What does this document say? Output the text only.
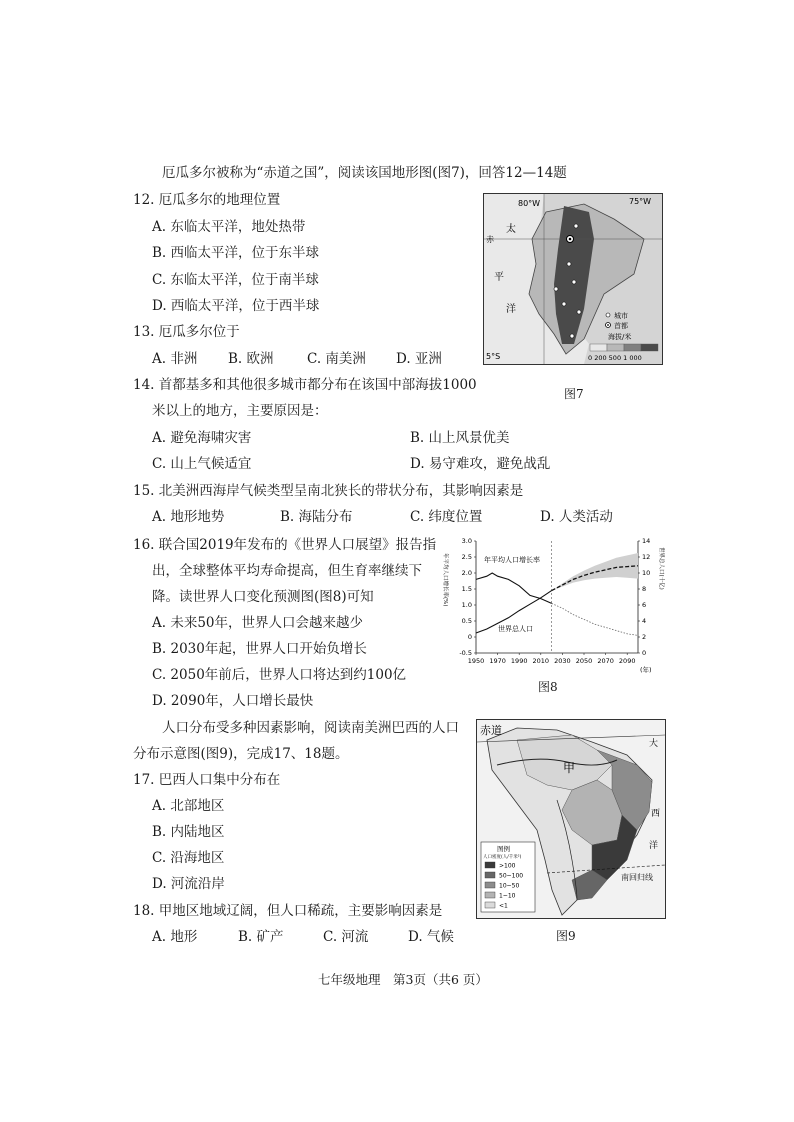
厄瓜多尔被称为“赤道之国”，阅读该国地形图(图7)，回答12—14题
12. 厄瓜多尔的地理位置
A. 东临太平洋，地处热带
B. 西临太平洋，位于东半球
C. 东临太平洋，位于南半球
D. 西临太平洋，位于西半球
13. 厄瓜多尔位于
A. 非洲 B. 欧洲 C. 南美洲 D. 亚洲
14. 首都基多和其他很多城市都分布在该国中部海拔1000
米以上的地方，主要原因是：
A. 避免海啸灾害	B. 山上风景优美
C. 山上气候适宜	D. 易守难攻，避免战乱
15. 北美洲西海岸气候类型呈南北狭长的带状分布，其影响因素是
A. 地形地势	B. 海陆分布	C. 纬度位置	D. 人类活动
16. 联合国2019年发布的《世界人口展望》报告指
出，全球整体平均寿命提高，但生育率继续下
降。读世界人口变化预测图(图8)可知
A. 未来50年，世界人口会越来越少
B. 2030年起，世界人口开始负增长
C. 2050年前后，世界人口将达到约100亿
D. 2090年，人口增长最快
人口分布受多种因素影响，阅读南美洲巴西的人口
分布示意图(图9)，完成17、18题。
17. 巴西人口集中分布在
A. 北部地区
B. 内陆地区
C. 沿海地区
D. 河流沿岸
18. 甲地区地域辽阔，但人口稀疏，主要影响因素是
A. 地形	B. 矿产	C. 河流	D. 气候
80°W	75°W
5°S
太
平
洋
赤
城市
首都
海拔/米
0 200 500 1 000
图7
年平均人口增长率(%)	世界总人口(十亿)
(年)
3.0
2.5
2.0
1.5
1.0
0.5
0
-0.5
14
12
10
8
6
4
2
0
1950 1970 1990 2010 2030 2050 2070 2090
年平均人口增长率
世界总人口
图8
赤道
甲
大
西
洋
南回归线
图例
人口密度(人/千米²)
>100
50~100
10~50
1~10
<1
图9
七年级地理　第3页（共6 页）
